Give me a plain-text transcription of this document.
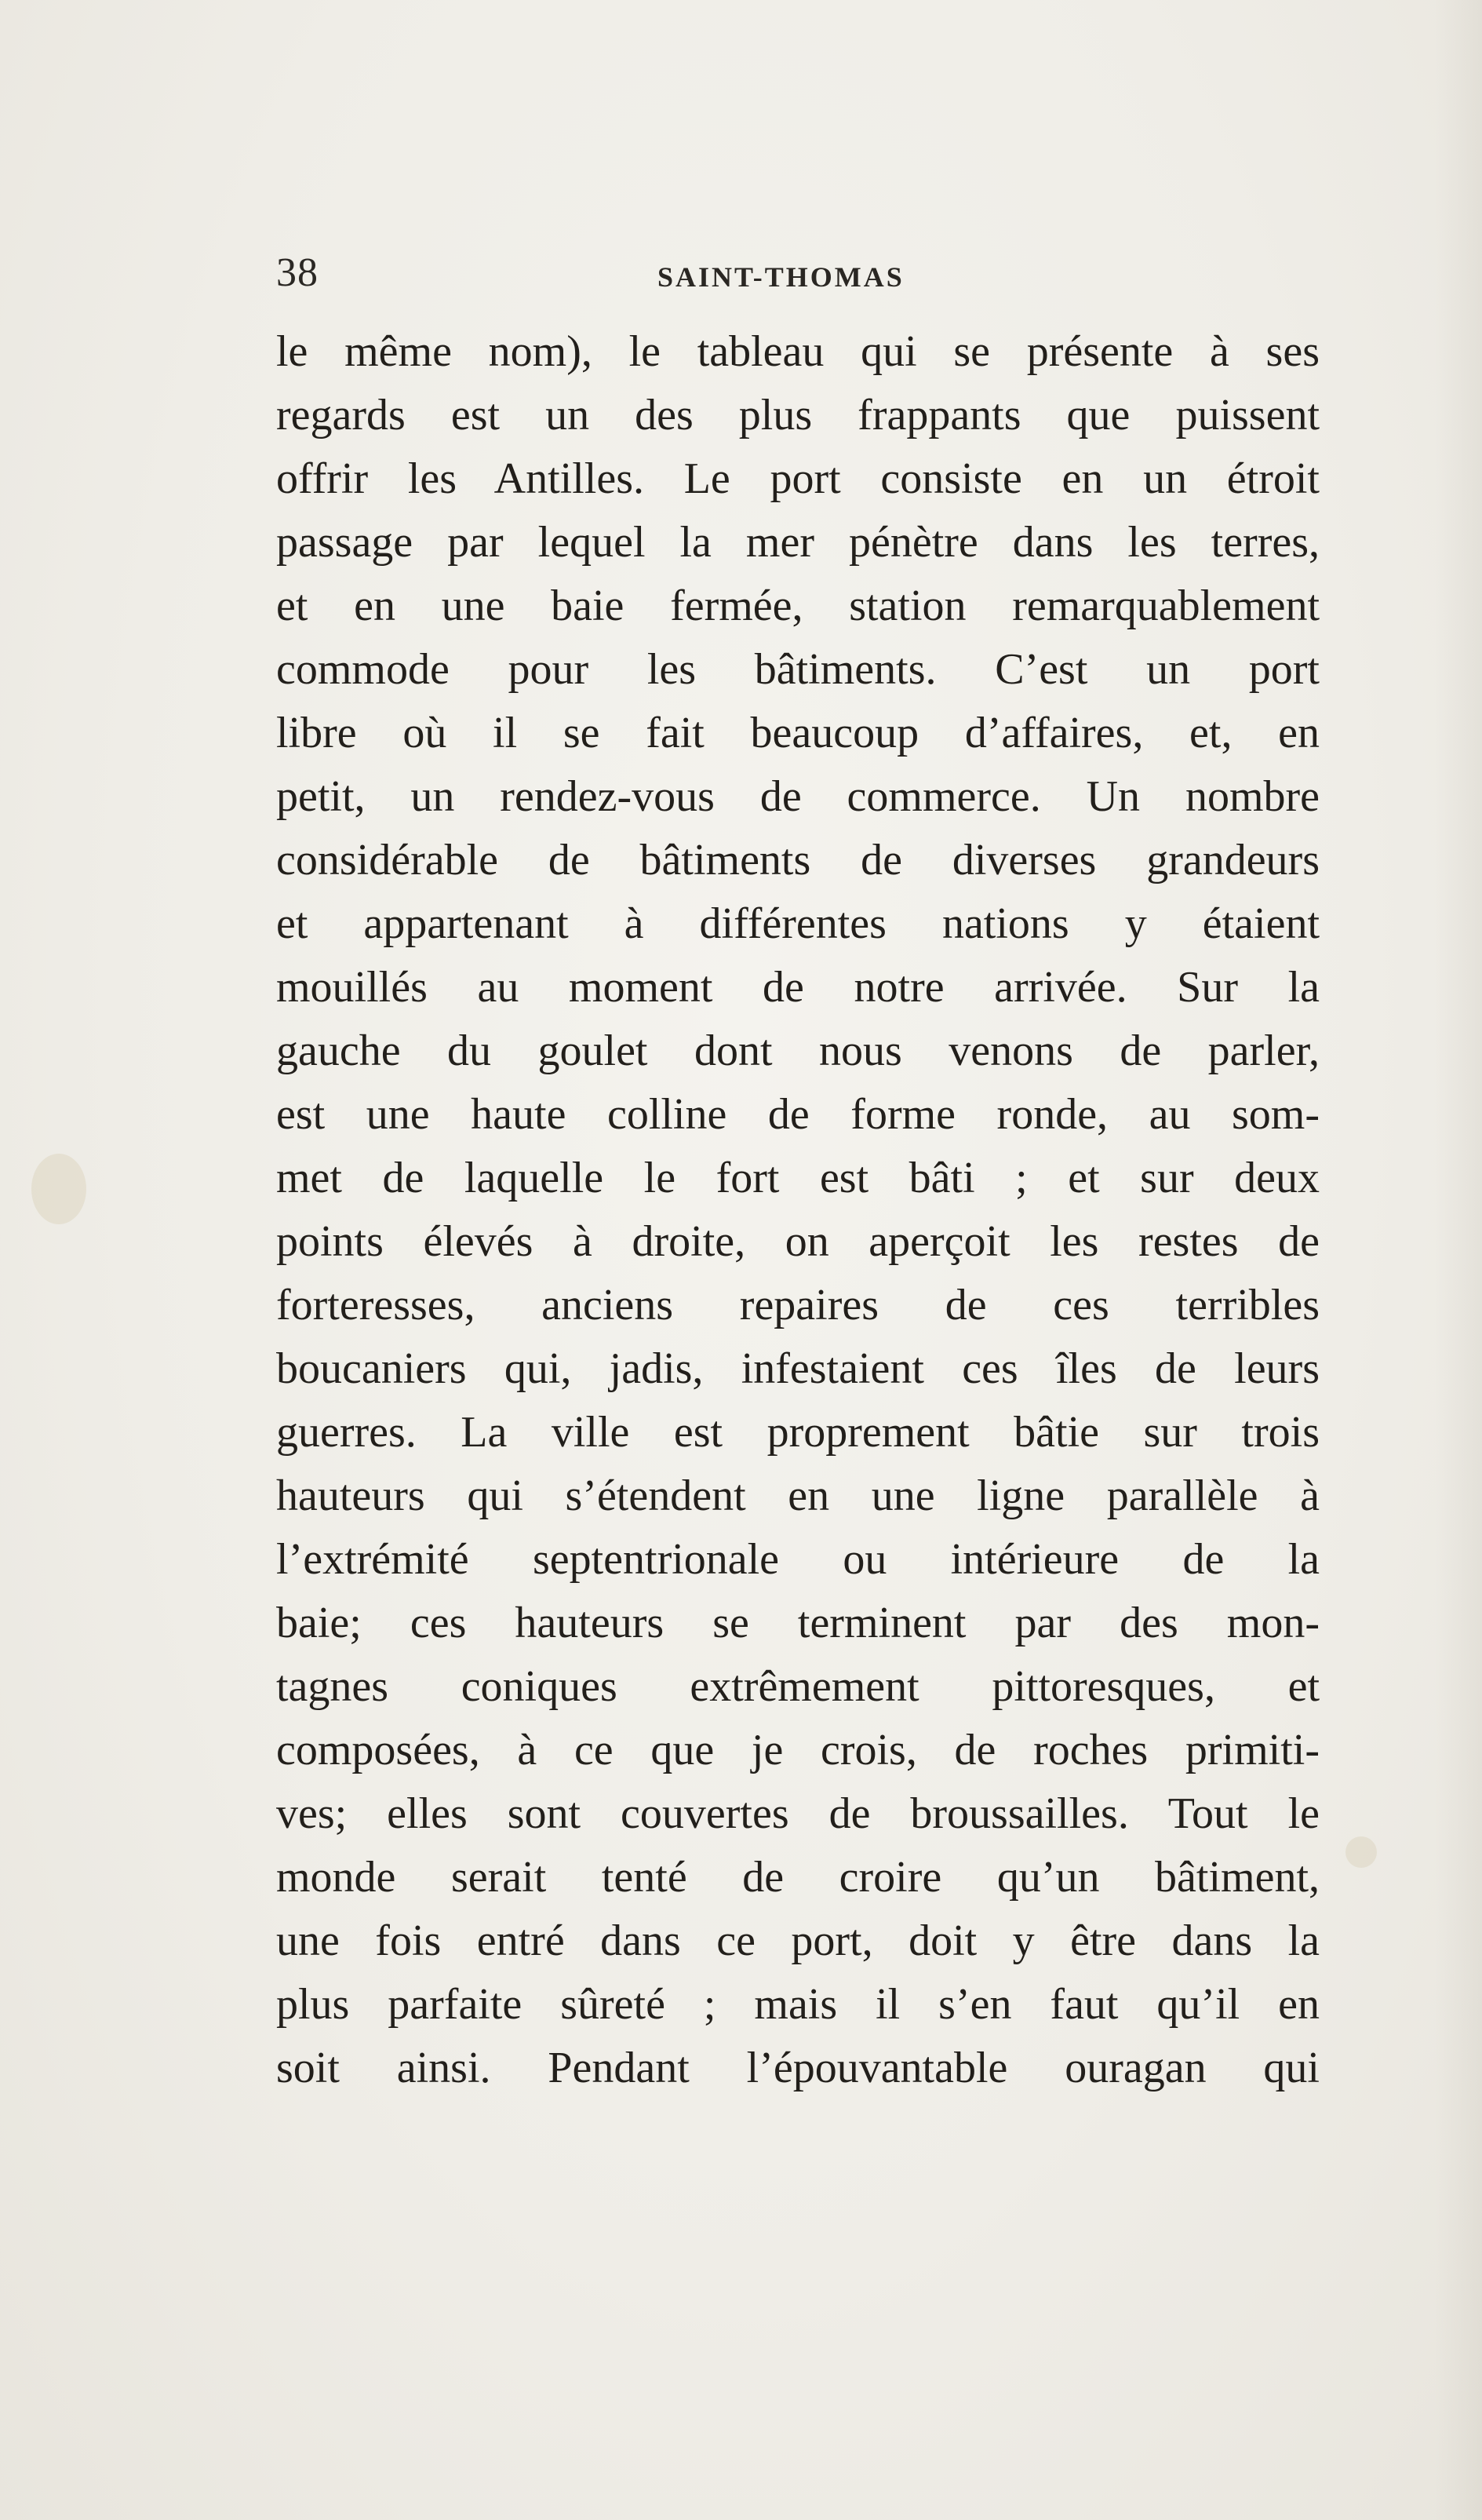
38	SAINT-THOMAS
le même nom), le tableau qui se présente à ses
regards est un des plus frappants que puissent
offrir les Antilles. Le port consiste en un étroit
passage par lequel la mer pénètre dans les terres,
et en une baie fermée, station remarquablement
commode pour les bâtiments. C’est un port
libre où il se fait beaucoup d’affaires, et, en
petit, un rendez-vous de commerce. Un nombre
considérable de bâtiments de diverses grandeurs
et appartenant à différentes nations y étaient
mouillés au moment de notre arrivée. Sur la
gauche du goulet dont nous venons de parler,
est une haute colline de forme ronde, au som-
met de laquelle le fort est bâti ; et sur deux
points élevés à droite, on aperçoit les restes de
forteresses, anciens repaires de ces terribles
boucaniers qui, jadis, infestaient ces îles de leurs
guerres. La ville est proprement bâtie sur trois
hauteurs qui s’étendent en une ligne parallèle à
l’extrémité septentrionale ou intérieure de la
baie; ces hauteurs se terminent par des mon-
tagnes coniques extrêmement pittoresques, et
composées, à ce que je crois, de roches primiti-
ves; elles sont couvertes de broussailles. Tout le
monde serait tenté de croire qu’un bâtiment,
une fois entré dans ce port, doit y être dans la
plus parfaite sûreté ; mais il s’en faut qu’il en
soit ainsi. Pendant l’épouvantable ouragan qui
